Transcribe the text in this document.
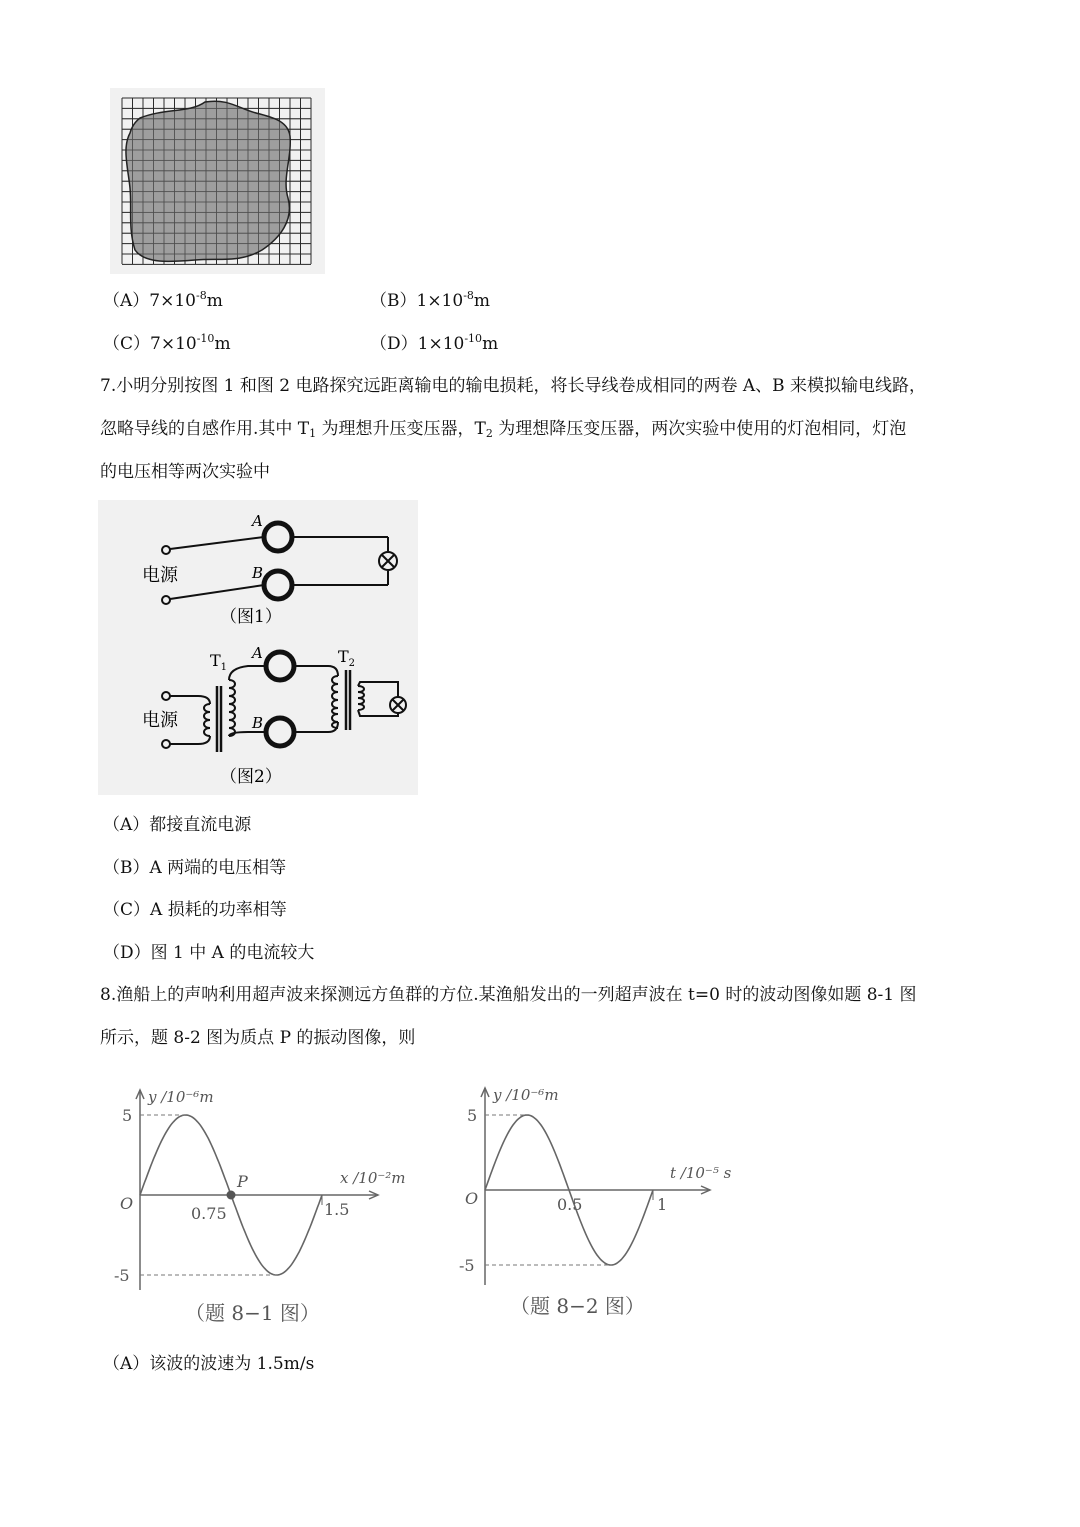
$(A)7\times 10^{-8}m$	$(B)1\times 10^{-8}m$
$(C)7\times 10^{-10}m$	$(D)1\times 10^{-10}m$
7.小明分别按图 1 和图 2 电路探究远距离输电的输电损耗，将长导线卷成相同的两卷 A、B 来模拟输电线路，
忽略导线的自感作用.其中 $T_1$ 为理想升压变压器，$T_2$ 为理想降压变压器，两次实验中使用的灯泡相同，灯泡
的电压相等两次实验中
A
B
电源
（图1）
$T_1$
A	$T_2$
B
电源
（图2）
（A）都接直流电源
（B）A 两端的电压相等
（C）A 损耗的功率相等
（D）图 1 中 A 的电流较大
8.渔船上的声呐利用超声波来探测远方鱼群的方位.某渔船发出的一列超声波在 t=0 时的波动图像如题 8-1 图
所示，题 8-2 图为质点 P 的振动图像，则
5
-5
O
y /10⁻⁶m
x /10⁻²m
0.75	1.5
P
（题 8−1 图）
5
-5
O
y /10⁻⁶m
t /10⁻⁵ s
0.5	1
（题 8−2 图）
（A）该波的波速为 1.5m/s
